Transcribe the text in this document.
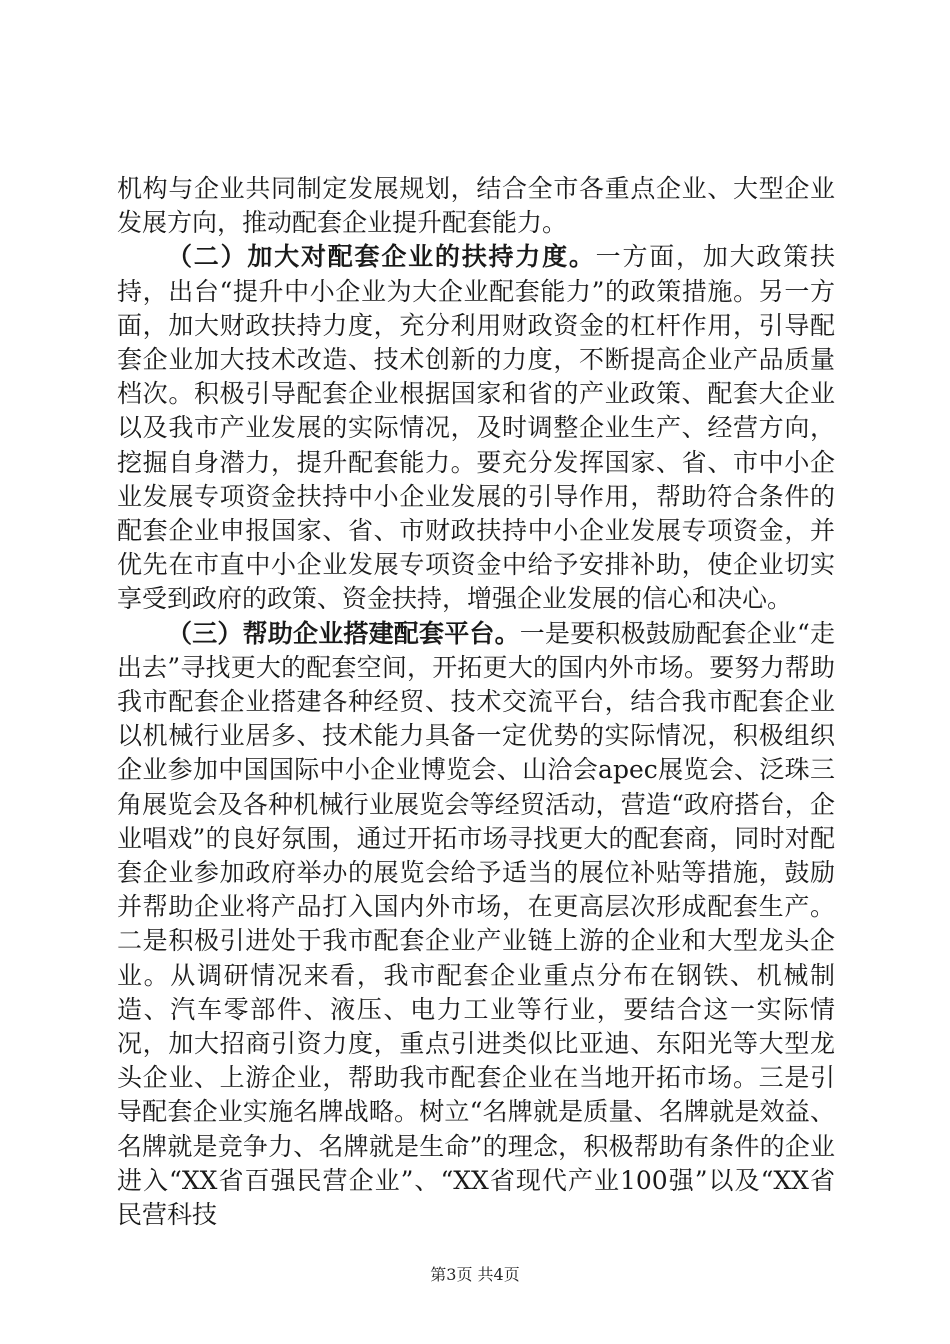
机构与企业共同制定发展规划，结合全市各重点企业、大型企业发展方向，推动配套企业提升配套能力。

（二）加大对配套企业的扶持力度。一方面，加大政策扶持，出台“提升中小企业为大企业配套能力”的政策措施。另一方面，加大财政扶持力度，充分利用财政资金的杠杆作用，引导配套企业加大技术改造、技术创新的力度，不断提高企业产品质量档次。积极引导配套企业根据国家和省的产业政策、配套大企业以及我市产业发展的实际情况，及时调整企业生产、经营方向，挖掘自身潜力，提升配套能力。要充分发挥国家、省、市中小企业发展专项资金扶持中小企业发展的引导作用，帮助符合条件的配套企业申报国家、省、市财政扶持中小企业发展专项资金，并优先在市直中小企业发展专项资金中给予安排补助，使企业切实享受到政府的政策、资金扶持，增强企业发展的信心和决心。

（三）帮助企业搭建配套平台。一是要积极鼓励配套企业“走出去”寻找更大的配套空间，开拓更大的国内外市场。要努力帮助我市配套企业搭建各种经贸、技术交流平台，结合我市配套企业以机械行业居多、技术能力具备一定优势的实际情况，积极组织企业参加中国国际中小企业博览会、山洽会apec展览会、泛珠三角展览会及各种机械行业展览会等经贸活动，营造“政府搭台，企业唱戏”的良好氛围，通过开拓市场寻找更大的配套商，同时对配套企业参加政府举办的展览会给予适当的展位补贴等措施，鼓励并帮助企业将产品打入国内外市场，在更高层次形成配套生产。二是积极引进处于我市配套企业产业链上游的企业和大型龙头企业。从调研情况来看，我市配套企业重点分布在钢铁、机械制造、汽车零部件、液压、电力工业等行业，要结合这一实际情况，加大招商引资力度，重点引进类似比亚迪、东阳光等大型龙头企业、上游企业，帮助我市配套企业在当地开拓市场。三是引导配套企业实施名牌战略。树立“名牌就是质量、名牌就是效益、名牌就是竞争力、名牌就是生命”的理念，积极帮助有条件的企业进入“XX省百强民营企业”、“XX省现代产业100强”以及“XX省民营科技

第3页 共4页
